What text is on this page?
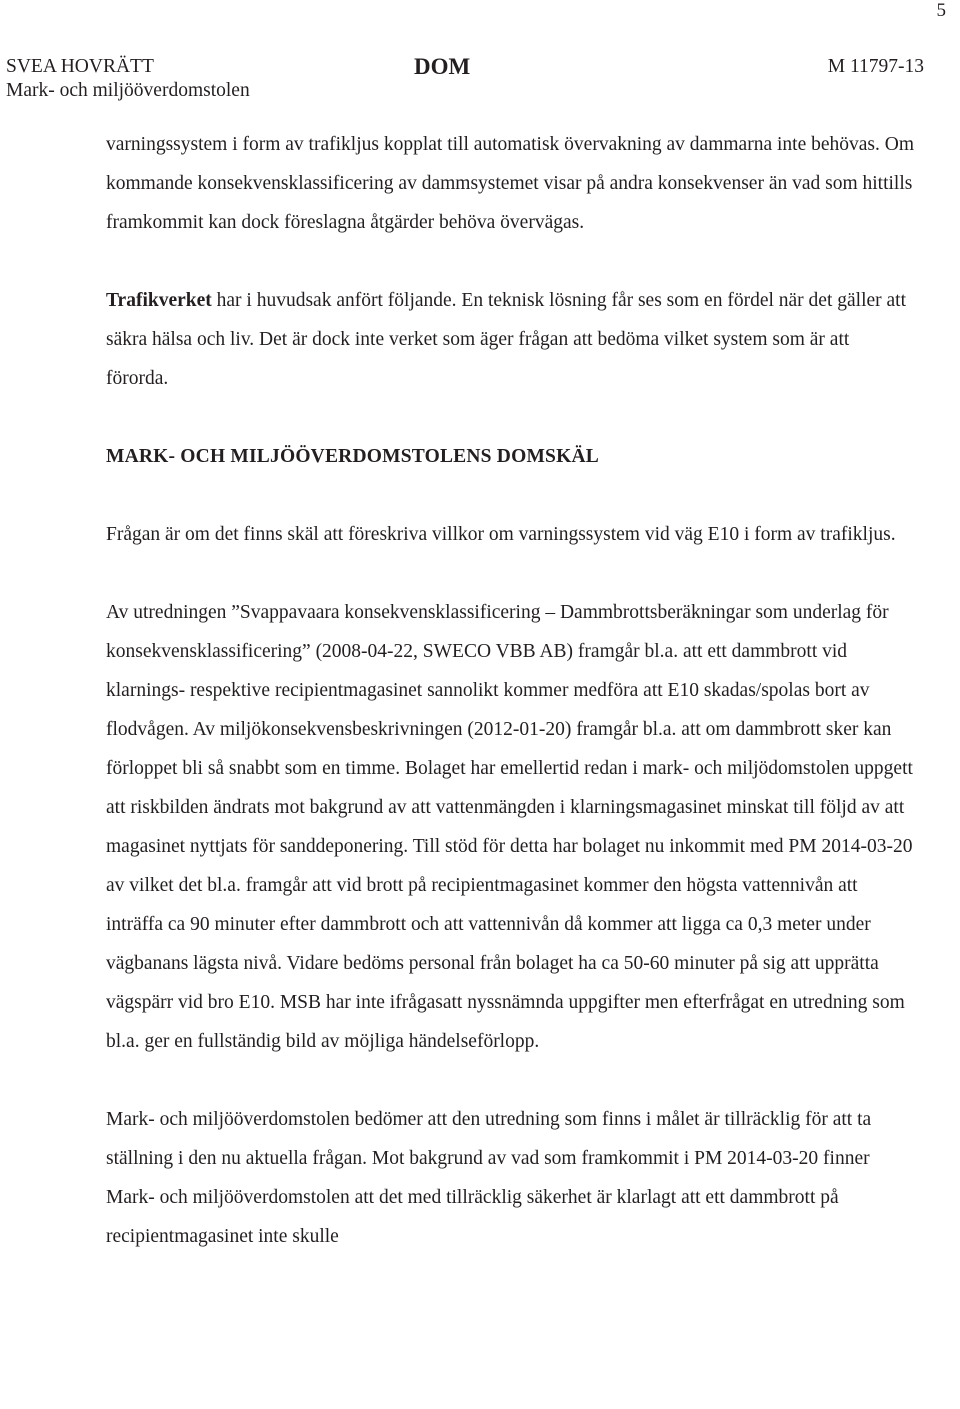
5
SVEA HOVRÄTT
Mark- och miljööverdomstolen
DOM	M 11797-13

varningssystem i form av trafikljus kopplat till automatisk övervakning av dammarna inte behövas. Om kommande konsekvensklassificering av dammsystemet visar på andra konsekvenser än vad som hittills framkommit kan dock föreslagna åtgärder behöva övervägas.

Trafikverket har i huvudsak anfört följande. En teknisk lösning får ses som en fördel när det gäller att säkra hälsa och liv. Det är dock inte verket som äger frågan att bedöma vilket system som är att förorda.

MARK- OCH MILJÖÖVERDOMSTOLENS DOMSKÄL

Frågan är om det finns skäl att föreskriva villkor om varningssystem vid väg E10 i form av trafikljus.

Av utredningen ”Svappavaara konsekvensklassificering – Dammbrottsberäkningar som underlag för konsekvensklassificering” (2008-04-22, SWECO VBB AB) framgår bl.a. att ett dammbrott vid klarnings- respektive recipientmagasinet sannolikt kommer medföra att E10 skadas/spolas bort av flodvågen. Av miljökonsekvensbeskrivningen (2012-01-20) framgår bl.a. att om dammbrott sker kan förloppet bli så snabbt som en timme. Bolaget har emellertid redan i mark- och miljödomstolen uppgett att riskbilden ändrats mot bakgrund av att vattenmängden i klarningsmagasinet minskat till följd av att magasinet nyttjats för sanddeponering. Till stöd för detta har bolaget nu inkommit med PM 2014-03-20 av vilket det bl.a. framgår att vid brott på recipientmagasinet kommer den högsta vattennivån att inträffa ca 90 minuter efter dammbrott och att vattennivån då kommer att ligga ca 0,3 meter under vägbanans lägsta nivå. Vidare bedöms personal från bolaget ha ca 50-60 minuter på sig att upprätta vägspärr vid bro E10. MSB har inte ifrågasatt nyssnämnda uppgifter men efterfrågat en utredning som bl.a. ger en fullständig bild av möjliga händelseförlopp.

Mark- och miljööverdomstolen bedömer att den utredning som finns i målet är tillräcklig för att ta ställning i den nu aktuella frågan. Mot bakgrund av vad som framkommit i PM 2014-03-20 finner Mark- och miljööverdomstolen att det med tillräcklig säkerhet är klarlagt att ett dammbrott på recipientmagasinet inte skulle
